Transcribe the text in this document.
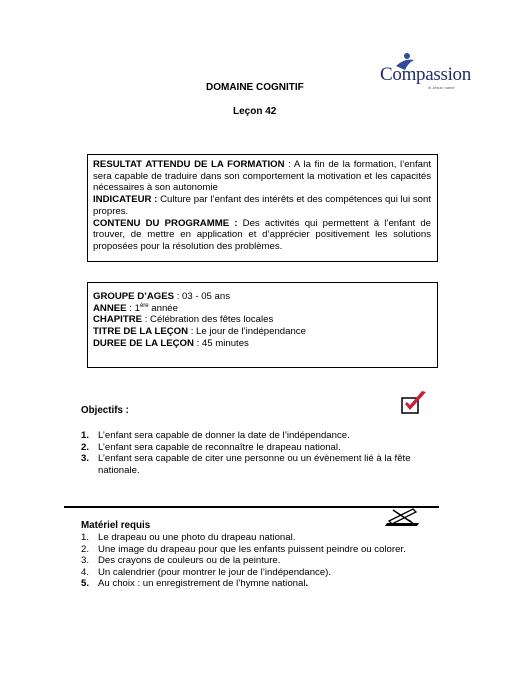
DOMAINE COGNITIF
Leçon 42
Compassion
in Jesus' name

RESULTAT ATTENDU DE LA FORMATION : A la fin de la formation, l’enfant sera capable de traduire dans son comportement la motivation et les capacités nécessaires à son autonomie

INDICATEUR : Culture par l’enfant des intérêts et des compétences qui lui sont propres.

CONTENU DU PROGRAMME : Des activités qui permettent à l’enfant de trouver, de mettre en application et d’apprécier positivement les solutions proposées pour la résolution des problèmes.

GROUPE D’AGES : 03 - 05 ans

ANNEE : 1ère année

CHAPITRE : Célébration des fêtes locales

TITRE DE LA LEÇON : Le jour de l’indépendance

DUREE DE LA LEÇON : 45 minutes

Objectifs :
1. L’enfant sera capable de donner la date de l’indépendance.
2. L’enfant sera capable de reconnaître le drapeau national.
3. L’enfant sera capable de citer une personne ou un évènement lié à la fête nationale.
Matériel requis
1. Le drapeau ou une photo du drapeau national.
2. Une image du drapeau pour que les enfants puissent peindre ou colorer.
3. Des crayons de couleurs ou de la peinture.
4. Un calendrier (pour montrer le jour de l’indépendance).
5. Au choix : un enregistrement de l’hymne national.
